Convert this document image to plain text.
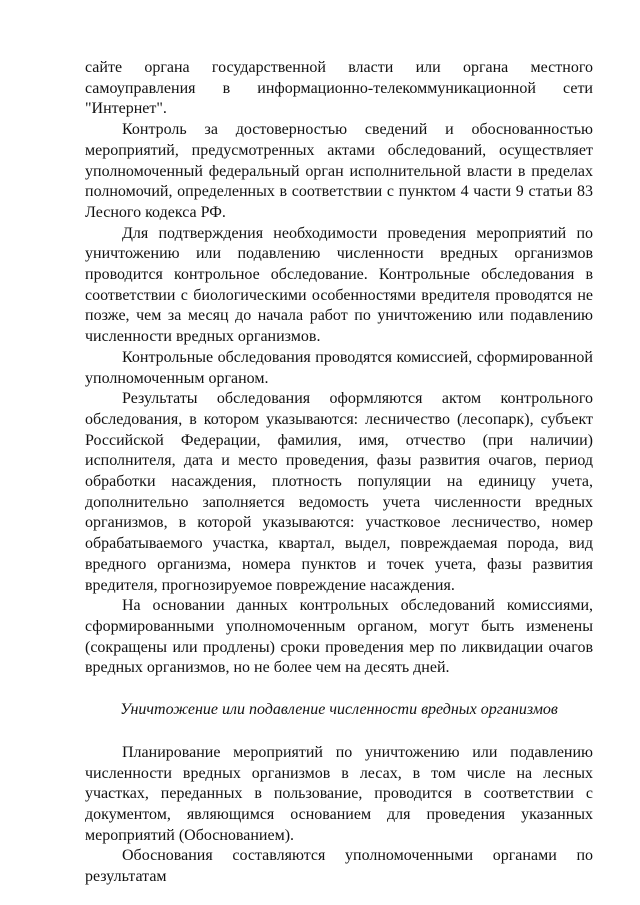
сайте органа государственной власти или органа местного самоуправления в информационно-телекоммуникационной сети "Интернет".

Контроль за достоверностью сведений и обоснованностью мероприятий, предусмотренных актами обследований, осуществляет уполномоченный федеральный орган исполнительной власти в пределах полномочий, определенных в соответствии с пунктом 4 части 9 статьи 83 Лесного кодекса РФ.

Для подтверждения необходимости проведения мероприятий по уничтожению или подавлению численности вредных организмов проводится контрольное обследование. Контрольные обследования в соответствии с биологическими особенностями вредителя проводятся не позже, чем за месяц до начала работ по уничтожению или подавлению численности вредных организмов.

Контрольные обследования проводятся комиссией, сформированной уполномоченным органом.

Результаты обследования оформляются актом контрольного обследования, в котором указываются: лесничество (лесопарк), субъект Российской Федерации, фамилия, имя, отчество (при наличии) исполнителя, дата и место проведения, фазы развития очагов, период обработки насаждения, плотность популяции на единицу учета, дополнительно заполняется ведомость учета численности вредных организмов, в которой указываются: участковое лесничество, номер обрабатываемого участка, квартал, выдел, повреждаемая порода, вид вредного организма, номера пунктов и точек учета, фазы развития вредителя, прогнозируемое повреждение насаждения.

На основании данных контрольных обследований комиссиями, сформированными уполномоченным органом, могут быть изменены (сокращены или продлены) сроки проведения мер по ликвидации очагов вредных организмов, но не более чем на десять дней.

Уничтожение или подавление численности вредных организмов

Планирование мероприятий по уничтожению или подавлению численности вредных организмов в лесах, в том числе на лесных участках, переданных в пользование, проводится в соответствии с документом, являющимся основанием для проведения указанных мероприятий (Обоснованием).

Обоснования составляются уполномоченными органами по результатам
